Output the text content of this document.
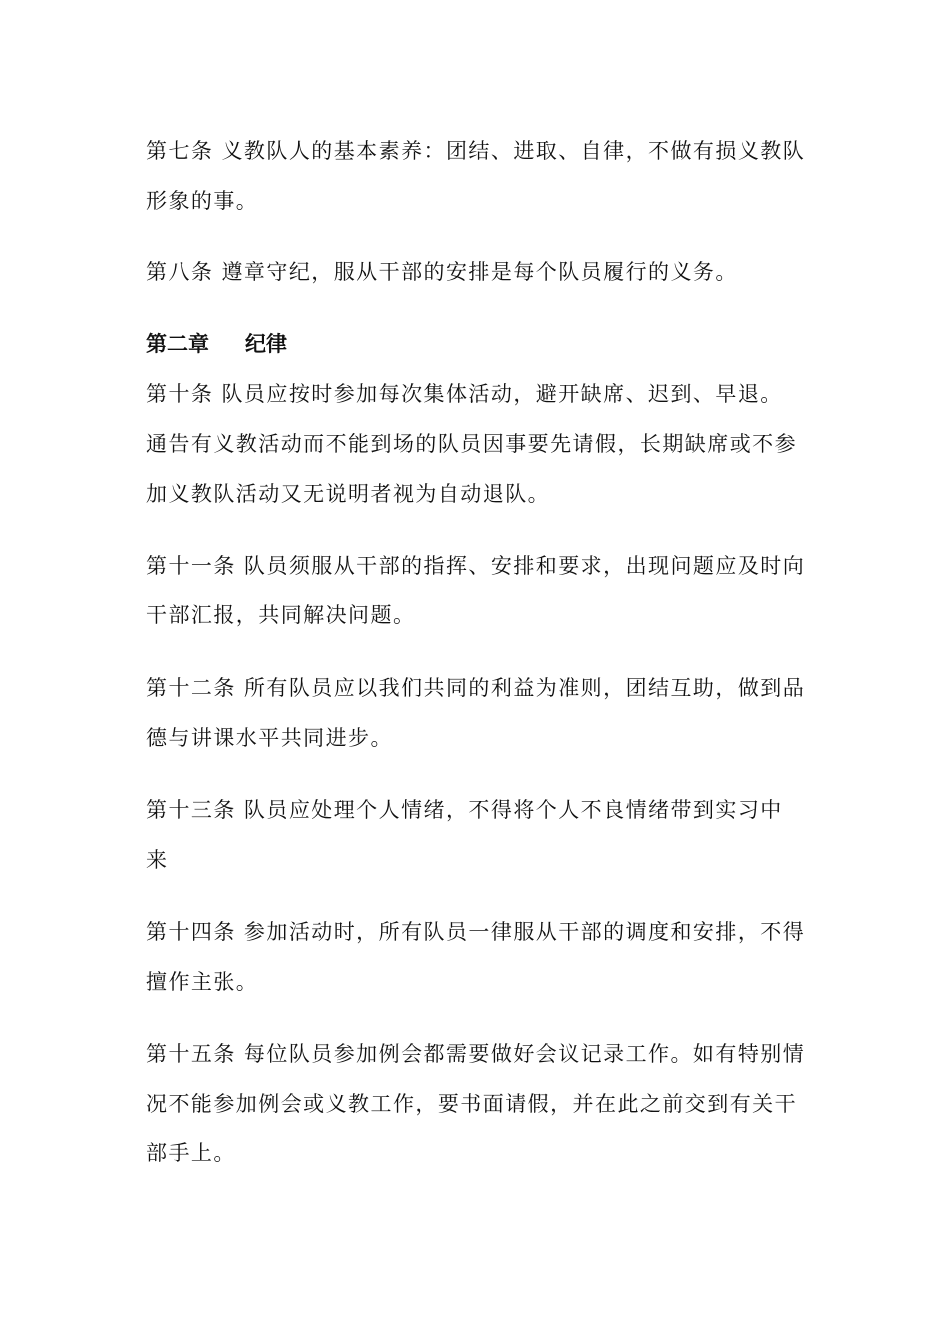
第七条 义教队人的基本素养：团结、进取、自律，不做有损义教队
形象的事。
第八条 遵章守纪，服从干部的安排是每个队员履行的义务。
第二章 纪律
第十条 队员应按时参加每次集体活动，避开缺席、迟到、早退。
通告有义教活动而不能到场的队员因事要先请假，长期缺席或不参
加义教队活动又无说明者视为自动退队。
第十一条 队员须服从干部的指挥、安排和要求，出现问题应及时向
干部汇报，共同解决问题。
第十二条 所有队员应以我们共同的利益为准则，团结互助，做到品
德与讲课水平共同进步。
第十三条 队员应处理个人情绪，不得将个人不良情绪带到实习中
来
第十四条 参加活动时，所有队员一律服从干部的调度和安排，不得
擅作主张。
第十五条 每位队员参加例会都需要做好会议记录工作。如有特别情
况不能参加例会或义教工作，要书面请假，并在此之前交到有关干
部手上。
